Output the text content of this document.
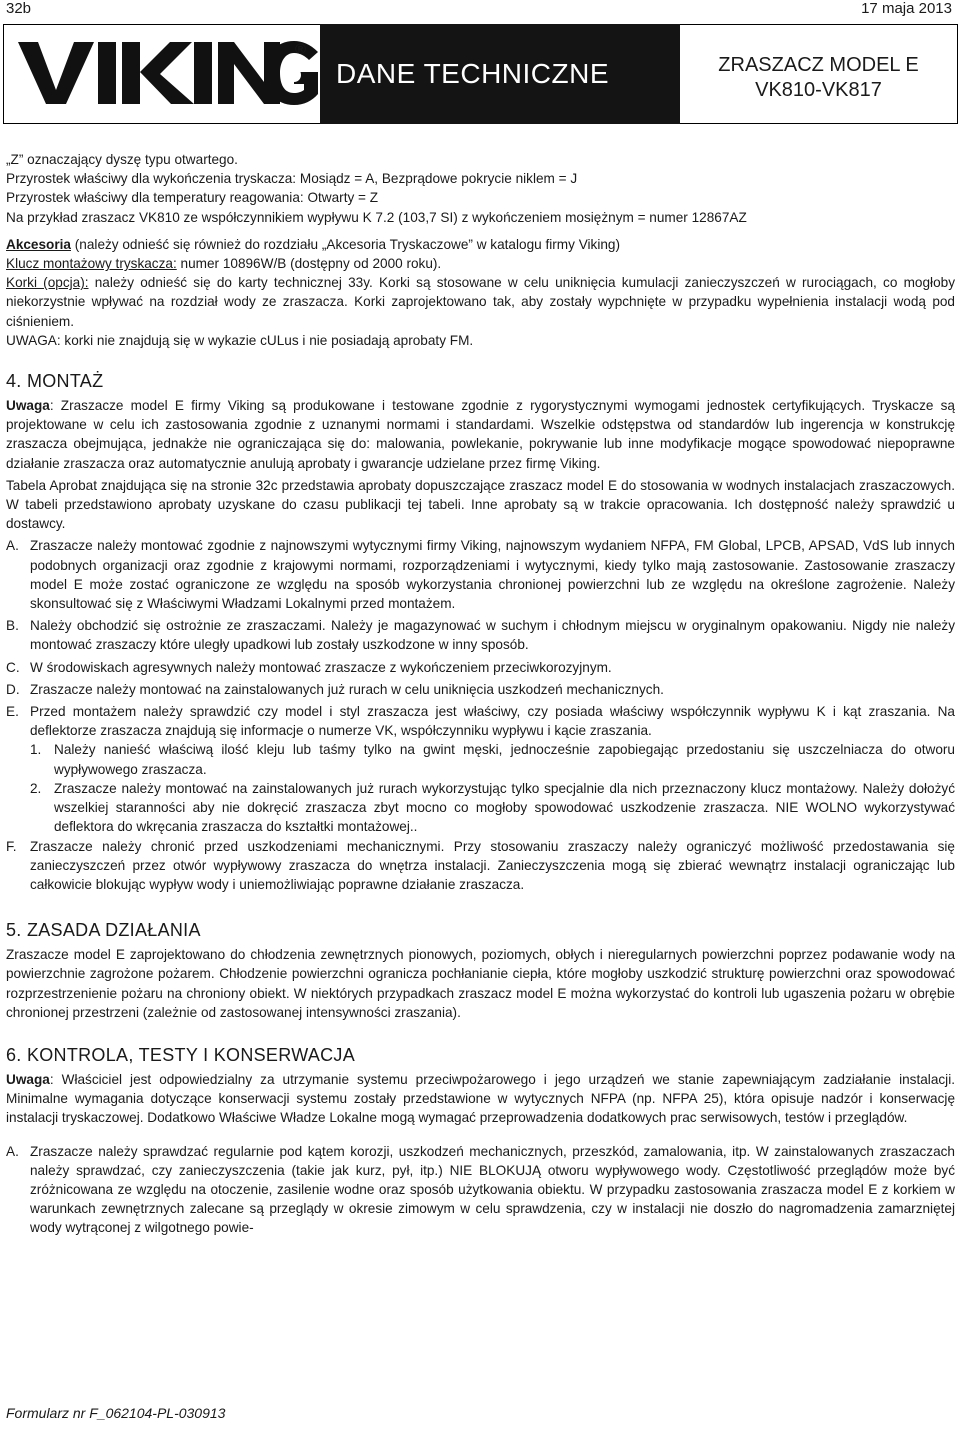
32b	17 maja 2013
®
DANE TECHNICZNE	ZRASZACZ MODEL E
VK810-VK817

„Z” oznaczający dyszę typu otwartego.

Przyrostek właściwy dla wykończenia tryskacza: Mosiądz = A, Bezprądowe pokrycie niklem = J

Przyrostek właściwy dla temperatury reagowania: Otwarty = Z

Na przykład zraszacz VK810 ze współczynnikiem wypływu K 7.2 (103,7 SI) z wykończeniem mosiężnym = numer 12867AZ

Akcesoria (należy odnieść się również do rozdziału „Akcesoria Tryskaczowe” w katalogu firmy Viking)

Klucz montażowy tryskacza: numer 10896W/B (dostępny od 2000 roku).

Korki (opcja): należy odnieść się do karty technicznej 33y. Korki są stosowane w celu uniknięcia kumulacji zanieczyszczeń w rurociągach, co mogłoby niekorzystnie wpływać na rozdział wody ze zraszacza. Korki zaprojektowano tak, aby zostały wypchnięte w przypadku wypełnienia instalacji wodą pod ciśnieniem.

UWAGA: korki nie znajdują się w wykazie cULus i nie posiadają aprobaty FM.

4. MONTAŻ

Uwaga: Zraszacze model E firmy Viking są produkowane i testowane zgodnie z rygorystycznymi wymogami jednostek certyfikujących. Tryskacze są projektowane w celu ich zastosowania zgodnie z uznanymi normami i standardami. Wszelkie odstępstwa od standardów lub ingerencja w konstrukcję zraszacza obejmująca, jednakże nie ograniczająca się do: malowania, powlekanie, pokrywanie lub inne modyfikacje mogące spowodować niepoprawne działanie zraszacza oraz automatycznie anulują aprobaty i gwarancje udzielane przez firmę Viking.

Tabela Aprobat znajdująca się na stronie 32c przedstawia aprobaty dopuszczające zraszacz model E do stosowania w wodnych instalacjach zraszaczowych. W tabeli przedstawiono aprobaty uzyskane do czasu publikacji tej tabeli. Inne aprobaty są w trakcie opracowania. Ich dostępność należy sprawdzić u dostawcy.

A. Zraszacze należy montować zgodnie z najnowszymi wytycznymi firmy Viking, najnowszym wydaniem NFPA, FM Global, LPCB, APSAD, VdS lub innych podobnych organizacji oraz zgodnie z krajowymi normami, rozporządzeniami i wytycznymi, kiedy tylko mają zastosowanie. Zastosowanie zraszaczy model E może zostać ograniczone ze względu na sposób wykorzystania chronionej powierzchni lub ze względu na określone zagrożenie. Należy skonsultować się z Właściwymi Władzami Lokalnymi przed montażem.
B. Należy obchodzić się ostrożnie ze zraszaczami. Należy je magazynować w suchym i chłodnym miejscu w oryginalnym opakowaniu. Nigdy nie należy montować zraszaczy które uległy upadkowi lub zostały uszkodzone w inny sposób.
C. W środowiskach agresywnych należy montować zraszacze z wykończeniem przeciwkorozyjnym.
D. Zraszacze należy montować na zainstalowanych już rurach w celu uniknięcia uszkodzeń mechanicznych.
E. Przed montażem należy sprawdzić czy model i styl zraszacza jest właściwy, czy posiada właściwy współczynnik wypływu K i kąt zraszania. Na deflektorze zraszacza znajdują się informacje o numerze VK, współczynniku wypływu i kącie zraszania.
1. Należy nanieść właściwą ilość kleju lub taśmy tylko na gwint męski, jednocześnie zapobiegając przedostaniu się uszczelniacza do otworu wypływowego zraszacza.
2. Zraszacze należy montować na zainstalowanych już rurach wykorzystując tylko specjalnie dla nich przeznaczony klucz montażowy. Należy dołożyć wszelkiej staranności aby nie dokręcić zraszacza zbyt mocno co mogłoby spowodować uszkodzenie zraszacza. NIE WOLNO wykorzystywać deflektora do wkręcania zraszacza do kształtki montażowej..
F. Zraszacze należy chronić przed uszkodzeniami mechanicznymi. Przy stosowaniu zraszaczy należy ograniczyć możliwość przedostawania się zanieczyszczeń przez otwór wypływowy zraszacza do wnętrza instalacji. Zanieczyszczenia mogą się zbierać wewnątrz instalacji ograniczając lub całkowicie blokując wypływ wody i uniemożliwiając poprawne działanie zraszacza.
5. ZASADA DZIAŁANIA

Zraszacze model E zaprojektowano do chłodzenia zewnętrznych pionowych, poziomych, obłych i nieregularnych powierzchni poprzez podawanie wody na powierzchnie zagrożone pożarem. Chłodzenie powierzchni ogranicza pochłanianie ciepła, które mogłoby uszkodzić strukturę powierzchni oraz spowodować rozprzestrzenienie pożaru na chroniony obiekt. W niektórych przypadkach zraszacz model E można wykorzystać do kontroli lub ugaszenia pożaru w obrębie chronionej przestrzeni (zależnie od zastosowanej intensywności zraszania).

6. KONTROLA, TESTY I KONSERWACJA

Uwaga: Właściciel jest odpowiedzialny za utrzymanie systemu przeciwpożarowego i jego urządzeń we stanie zapewniającym zadziałanie instalacji. Minimalne wymagania dotyczące konserwacji systemu zostały przedstawione w wytycznych NFPA (np. NFPA 25), która opisuje nadzór i konserwację instalacji tryskaczowej. Dodatkowo Właściwe Władze Lokalne mogą wymagać przeprowadzenia dodatkowych prac serwisowych, testów i przeglądów.

A. Zraszacze należy sprawdzać regularnie pod kątem korozji, uszkodzeń mechanicznych, przeszkód, zamalowania, itp. W zainstalowanych zraszaczach należy sprawdzać, czy zanieczyszczenia (takie jak kurz, pył, itp.) NIE BLOKUJĄ otworu wypływowego wody. Częstotliwość przeglądów może być zróżnicowana ze względu na otoczenie, zasilenie wodne oraz sposób użytkowania obiektu. W przypadku zastosowania zraszacza model E z korkiem w warunkach zewnętrznych zalecane są przeglądy w okresie zimowym w celu sprawdzenia, czy w instalacji nie doszło do nagromadzenia zamarzniętej wody wytrąconej z wilgotnego powie-
Formularz nr F_062104-PL-030913
